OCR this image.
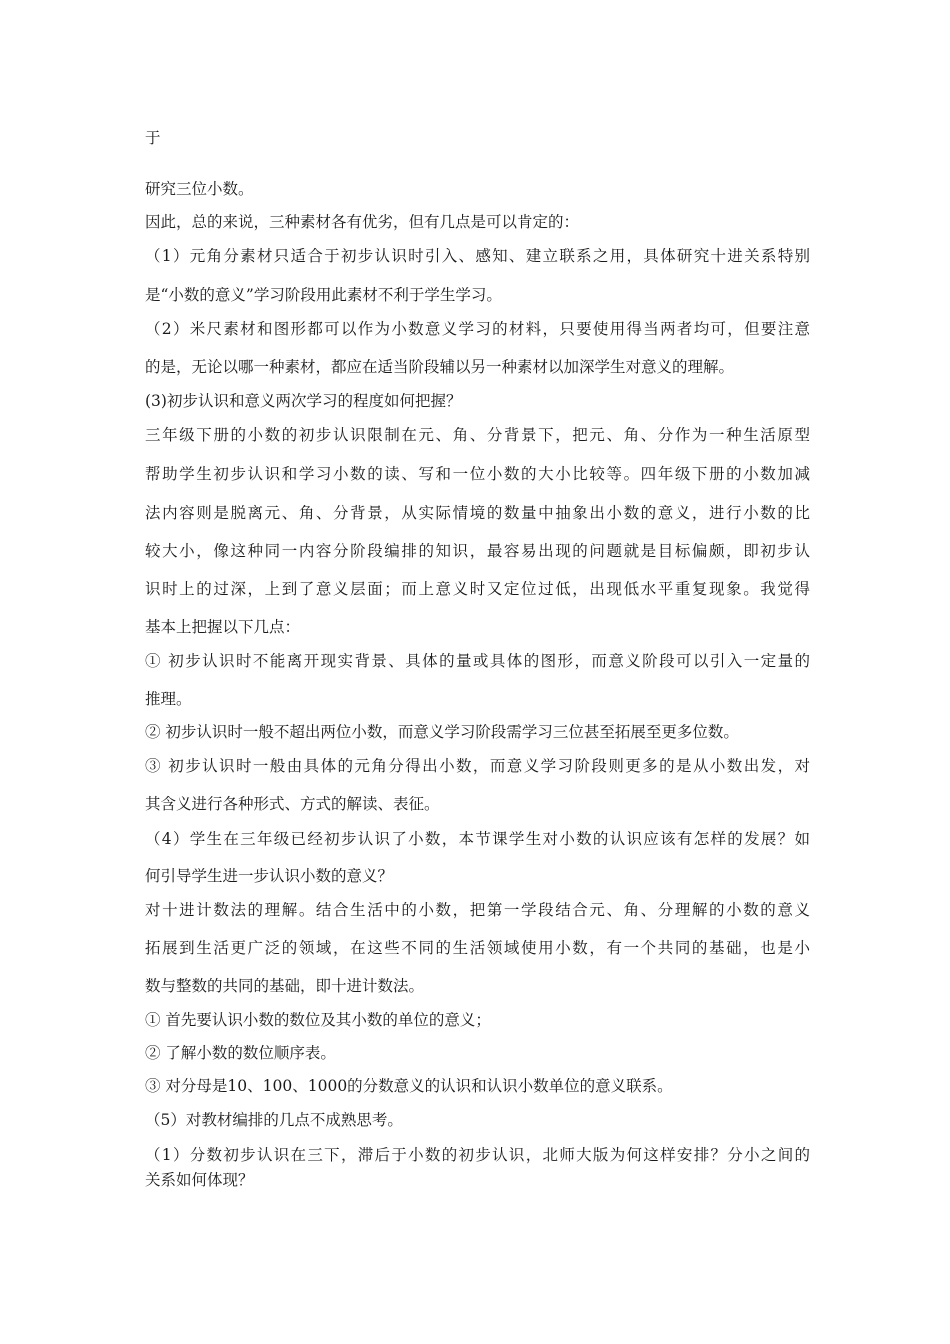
于
研究三位小数。
因此，总的来说，三种素材各有优劣，但有几点是可以肯定的：
（1）元角分素材只适合于初步认识时引入、感知、建立联系之用，具体研究十进关系特别
是“小数的意义”学习阶段用此素材不利于学生学习。
（2）米尺素材和图形都可以作为小数意义学习的材料，只要使用得当两者均可，但要注意
的是，无论以哪一种素材，都应在适当阶段辅以另一种素材以加深学生对意义的理解。
(3)初步认识和意义两次学习的程度如何把握？
三年级下册的小数的初步认识限制在元、角、分背景下，把元、角、分作为一种生活原型
帮助学生初步认识和学习小数的读、写和一位小数的大小比较等。四年级下册的小数加减
法内容则是脱离元、角、分背景，从实际情境的数量中抽象出小数的意义，进行小数的比
较大小，像这种同一内容分阶段编排的知识，最容易出现的问题就是目标偏颇，即初步认
识时上的过深，上到了意义层面；而上意义时又定位过低，出现低水平重复现象。我觉得
基本上把握以下几点：
① 初步认识时不能离开现实背景、具体的量或具体的图形，而意义阶段可以引入一定量的
推理。
② 初步认识时一般不超出两位小数，而意义学习阶段需学习三位甚至拓展至更多位数。
③ 初步认识时一般由具体的元角分得出小数，而意义学习阶段则更多的是从小数出发，对
其含义进行各种形式、方式的解读、表征。
（4）学生在三年级已经初步认识了小数，本节课学生对小数的认识应该有怎样的发展？如
何引导学生进一步认识小数的意义？
对十进计数法的理解。结合生活中的小数，把第一学段结合元、角、分理解的小数的意义
拓展到生活更广泛的领域，在这些不同的生活领域使用小数，有一个共同的基础，也是小
数与整数的共同的基础，即十进计数法。
① 首先要认识小数的数位及其小数的单位的意义；
② 了解小数的数位顺序表。
③ 对分母是10、100、1000的分数意义的认识和认识小数单位的意义联系。
（5）对教材编排的几点不成熟思考。
（1）分数初步认识在三下，滞后于小数的初步认识，北师大版为何这样安排？分小之间的
关系如何体现？
